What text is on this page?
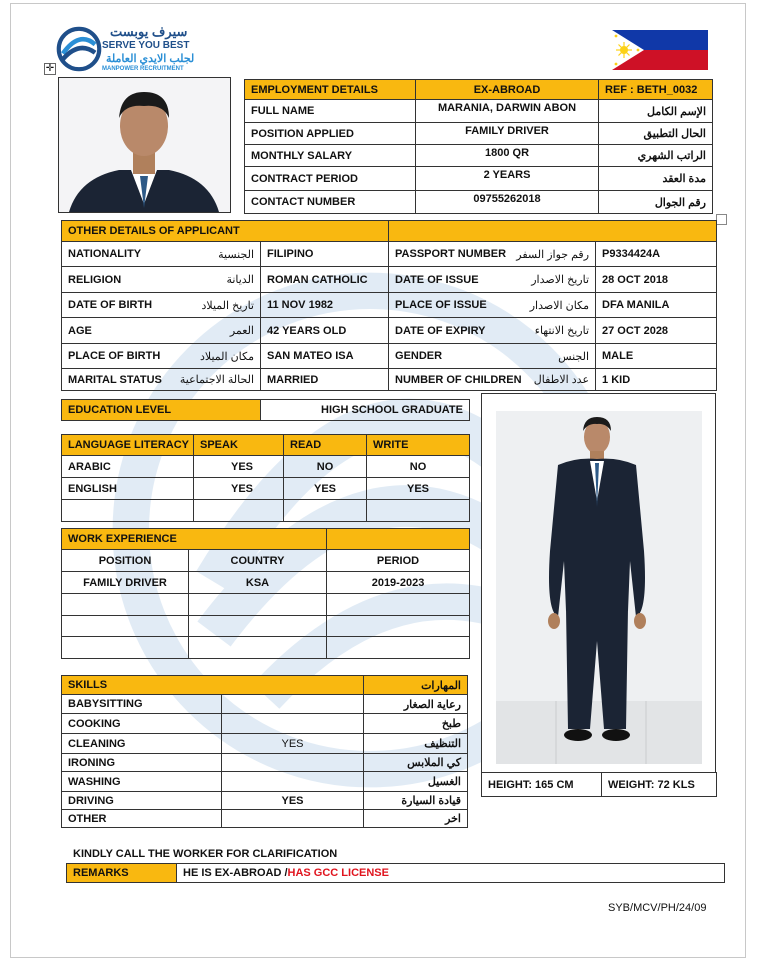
سيرف يوبست
SERVE YOU BEST
لجلب الايدي العاملة
MANPOWER RECRUITMENT
✛
EMPLOYMENT DETAILS	EX-ABROAD	REF : BETH_0032
FULL NAME	MARANIA, DARWIN ABON	الإسم الكامل
POSITION APPLIED	FAMILY DRIVER	الحال التطبيق
MONTHLY SALARY	1800 QR	الراتب الشهري
CONTRACT PERIOD	2 YEARS	مدة العقد
CONTACT NUMBER	09755262018	رقم الجوال
OTHER DETAILS OF APPLICANT			

NATIONALITY الجنسية	FILIPINO	PASSPORT NUMBER رقم جواز السفر	P9334424A

RELIGION الديانة	ROMAN CATHOLIC	DATE OF ISSUE تاريخ الاصدار	28 OCT 2018

DATE OF BIRTH تاريخ الميلاد	11 NOV 1982	PLACE OF ISSUE مكان الاصدار	DFA MANILA

AGE العمر	42 YEARS OLD	DATE OF EXPIRY تاريخ الانتهاء	27 OCT 2028

PLACE OF BIRTH مكان الميلاد	SAN MATEO ISA	GENDER الجنس	MALE

MARITAL STATUS الحالة الاجتماعية	MARRIED	NUMBER OF CHILDREN عدد الاطفال	1 KID
EDUCATION LEVEL	HIGH SCHOOL GRADUATE
LANGUAGE LITERACY	SPEAK	READ	WRITE
ARABIC	YES	NO	NO
ENGLISH	YES	YES	YES

WORK EXPERIENCE		
POSITION	COUNTRY	PERIOD
FAMILY DRIVER	KSA	2019-2023

SKILLS		المهارات
BABYSITTING		رعاية الصغار
COOKING		طبخ
CLEANING	YES	التنظيف
IRONING		كي الملابس
WASHING		الغسيل
DRIVING	YES	قيادة السيارة
OTHER		اخر
HEIGHT: 165 CM	WEIGHT: 72 KLS
KINDLY CALL THE WORKER FOR CLARIFICATION
REMARKS	HE IS EX-ABROAD /HAS GCC LICENSE
SYB/MCV/PH/24/09
